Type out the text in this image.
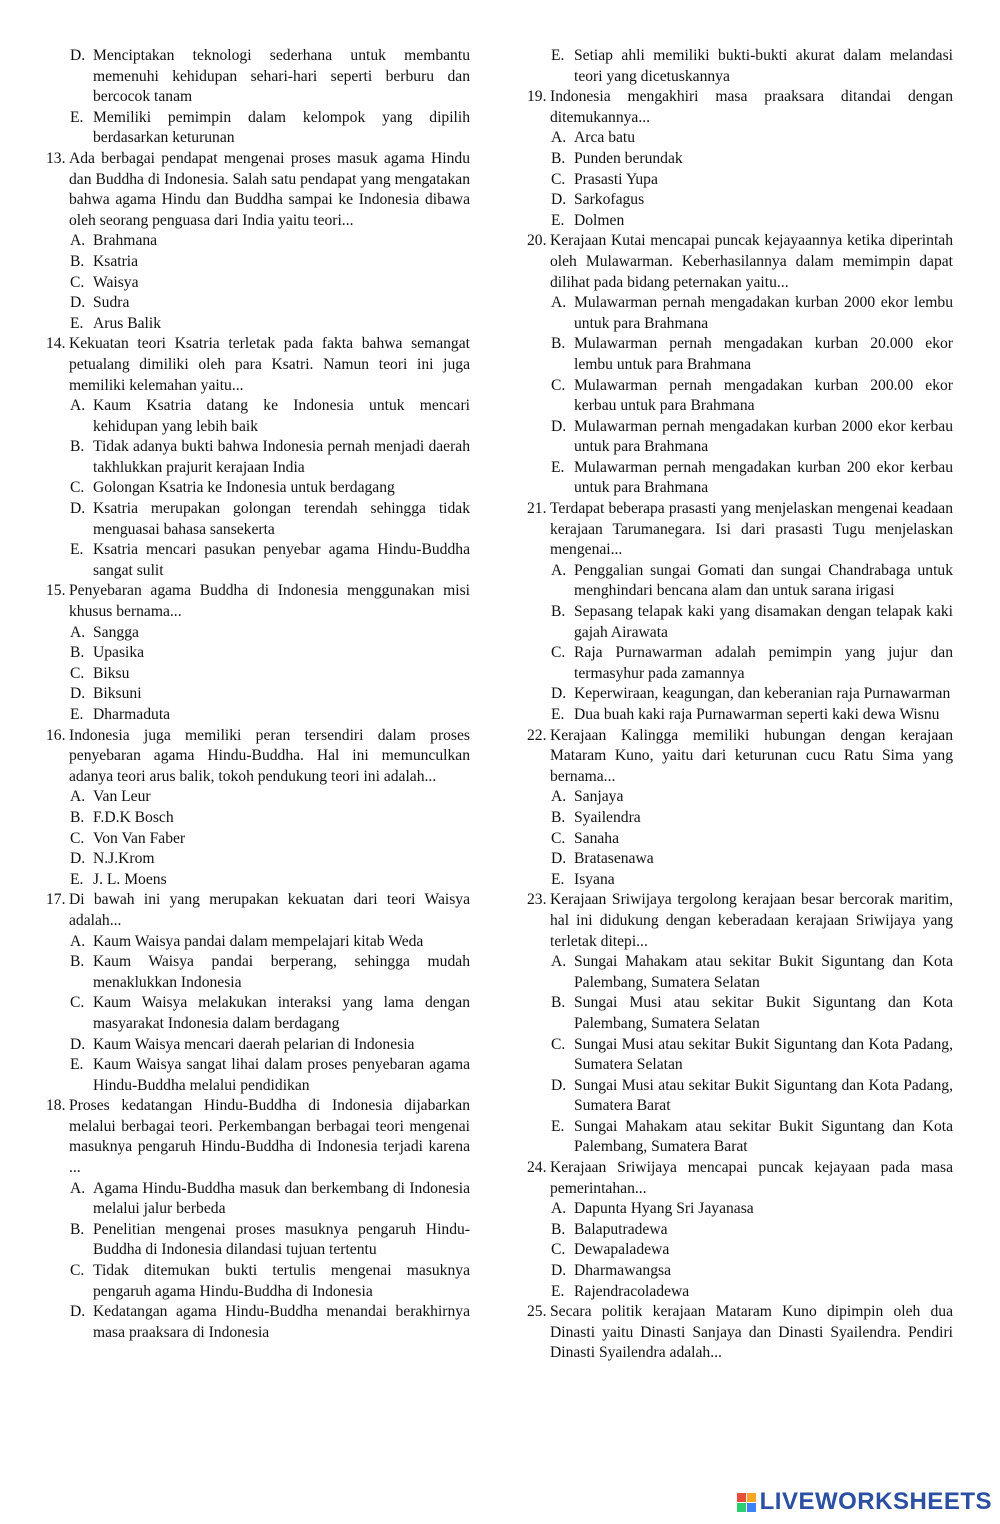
D. Menciptakan teknologi sederhana untuk membantu memenuhi kehidupan sehari-hari seperti berburu dan bercocok tanam
E. Memiliki pemimpin dalam kelompok yang dipilih berdasarkan keturunan
13. Ada berbagai pendapat mengenai proses masuk agama Hindu dan Buddha di Indonesia. Salah satu pendapat yang mengatakan bahwa agama Hindu dan Buddha sampai ke Indonesia dibawa oleh seorang penguasa dari India yaitu teori...
A. Brahmana
B. Ksatria
C. Waisya
D. Sudra
E. Arus Balik
14. Kekuatan teori Ksatria terletak pada fakta bahwa semangat petualang dimiliki oleh para Ksatri. Namun teori ini juga memiliki kelemahan yaitu...
A. Kaum Ksatria datang ke Indonesia untuk mencari kehidupan yang lebih baik
B. Tidak adanya bukti bahwa Indonesia pernah menjadi daerah takhlukkan prajurit kerajaan India
C. Golongan Ksatria ke Indonesia untuk berdagang
D. Ksatria merupakan golongan terendah sehingga tidak menguasai bahasa sansekerta
E. Ksatria mencari pasukan penyebar agama Hindu-Buddha sangat sulit
15. Penyebaran agama Buddha di Indonesia menggunakan misi khusus bernama...
A. Sangga
B. Upasika
C. Biksu
D. Biksuni
E. Dharmaduta
16. Indonesia juga memiliki peran tersendiri dalam proses penyebaran agama Hindu-Buddha. Hal ini memunculkan adanya teori arus balik, tokoh pendukung teori ini adalah...
A. Van Leur
B. F.D.K Bosch
C. Von Van Faber
D. N.J.Krom
E. J. L. Moens
17. Di bawah ini yang merupakan kekuatan dari teori Waisya adalah...
A. Kaum Waisya pandai dalam mempelajari kitab Weda
B. Kaum Waisya pandai berperang, sehingga mudah menaklukkan Indonesia
C. Kaum Waisya melakukan interaksi yang lama dengan masyarakat Indonesia dalam berdagang
D. Kaum Waisya mencari daerah pelarian di Indonesia
E. Kaum Waisya sangat lihai dalam proses penyebaran agama Hindu-Buddha melalui pendidikan
18. Proses kedatangan Hindu-Buddha di Indonesia dijabarkan melalui berbagai teori. Perkembangan berbagai teori mengenai masuknya pengaruh Hindu-Buddha di Indonesia terjadi karena ...
A. Agama Hindu-Buddha masuk dan berkembang di Indonesia melalui jalur berbeda
B. Penelitian mengenai proses masuknya pengaruh Hindu-Buddha di Indonesia dilandasi tujuan tertentu
C. Tidak ditemukan bukti tertulis mengenai masuknya pengaruh agama Hindu-Buddha di Indonesia
D. Kedatangan agama Hindu-Buddha menandai berakhirnya masa praaksara di Indonesia
E. Setiap ahli memiliki bukti-bukti akurat dalam melandasi teori yang dicetuskannya
19. Indonesia mengakhiri masa praaksara ditandai dengan ditemukannya...
A. Arca batu
B. Punden berundak
C. Prasasti Yupa
D. Sarkofagus
E. Dolmen
20. Kerajaan Kutai mencapai puncak kejayaannya ketika diperintah oleh Mulawarman. Keberhasilannya dalam memimpin dapat dilihat pada bidang peternakan yaitu...
A. Mulawarman pernah mengadakan kurban 2000 ekor lembu untuk para Brahmana
B. Mulawarman pernah mengadakan kurban 20.000 ekor lembu untuk para Brahmana
C. Mulawarman pernah mengadakan kurban 200.00 ekor kerbau untuk para Brahmana
D. Mulawarman pernah mengadakan kurban 2000 ekor kerbau untuk para Brahmana
E. Mulawarman pernah mengadakan kurban 200 ekor kerbau untuk para Brahmana
21. Terdapat beberapa prasasti yang menjelaskan mengenai keadaan kerajaan Tarumanegara. Isi dari prasasti Tugu menjelaskan mengenai...
A. Penggalian sungai Gomati dan sungai Chandrabaga untuk menghindari bencana alam dan untuk sarana irigasi
B. Sepasang telapak kaki yang disamakan dengan telapak kaki gajah Airawata
C. Raja Purnawarman adalah pemimpin yang jujur dan termasyhur pada zamannya
D. Keperwiraan, keagungan, dan keberanian raja Purnawarman
E. Dua buah kaki raja Purnawarman seperti kaki dewa Wisnu
22. Kerajaan Kalingga memiliki hubungan dengan kerajaan Mataram Kuno, yaitu dari keturunan cucu Ratu Sima yang bernama...
A. Sanjaya
B. Syailendra
C. Sanaha
D. Bratasenawa
E. Isyana
23. Kerajaan Sriwijaya tergolong kerajaan besar bercorak maritim, hal ini didukung dengan keberadaan kerajaan Sriwijaya yang terletak ditepi...
A. Sungai Mahakam atau sekitar Bukit Siguntang dan Kota Palembang, Sumatera Selatan
B. Sungai Musi atau sekitar Bukit Siguntang dan Kota Palembang, Sumatera Selatan
C. Sungai Musi atau sekitar Bukit Siguntang dan Kota Padang, Sumatera Selatan
D. Sungai Musi atau sekitar Bukit Siguntang dan Kota Padang, Sumatera Barat
E. Sungai Mahakam atau sekitar Bukit Siguntang dan Kota Palembang, Sumatera Barat
24. Kerajaan Sriwijaya mencapai puncak kejayaan pada masa pemerintahan...
A. Dapunta Hyang Sri Jayanasa
B. Balaputradewa
C. Dewapaladewa
D. Dharmawangsa
E. Rajendracoladewa
25. Secara politik kerajaan Mataram Kuno dipimpin oleh dua Dinasti yaitu Dinasti Sanjaya dan Dinasti Syailendra. Pendiri Dinasti Syailendra adalah...
LIVEWORKSHEETS
